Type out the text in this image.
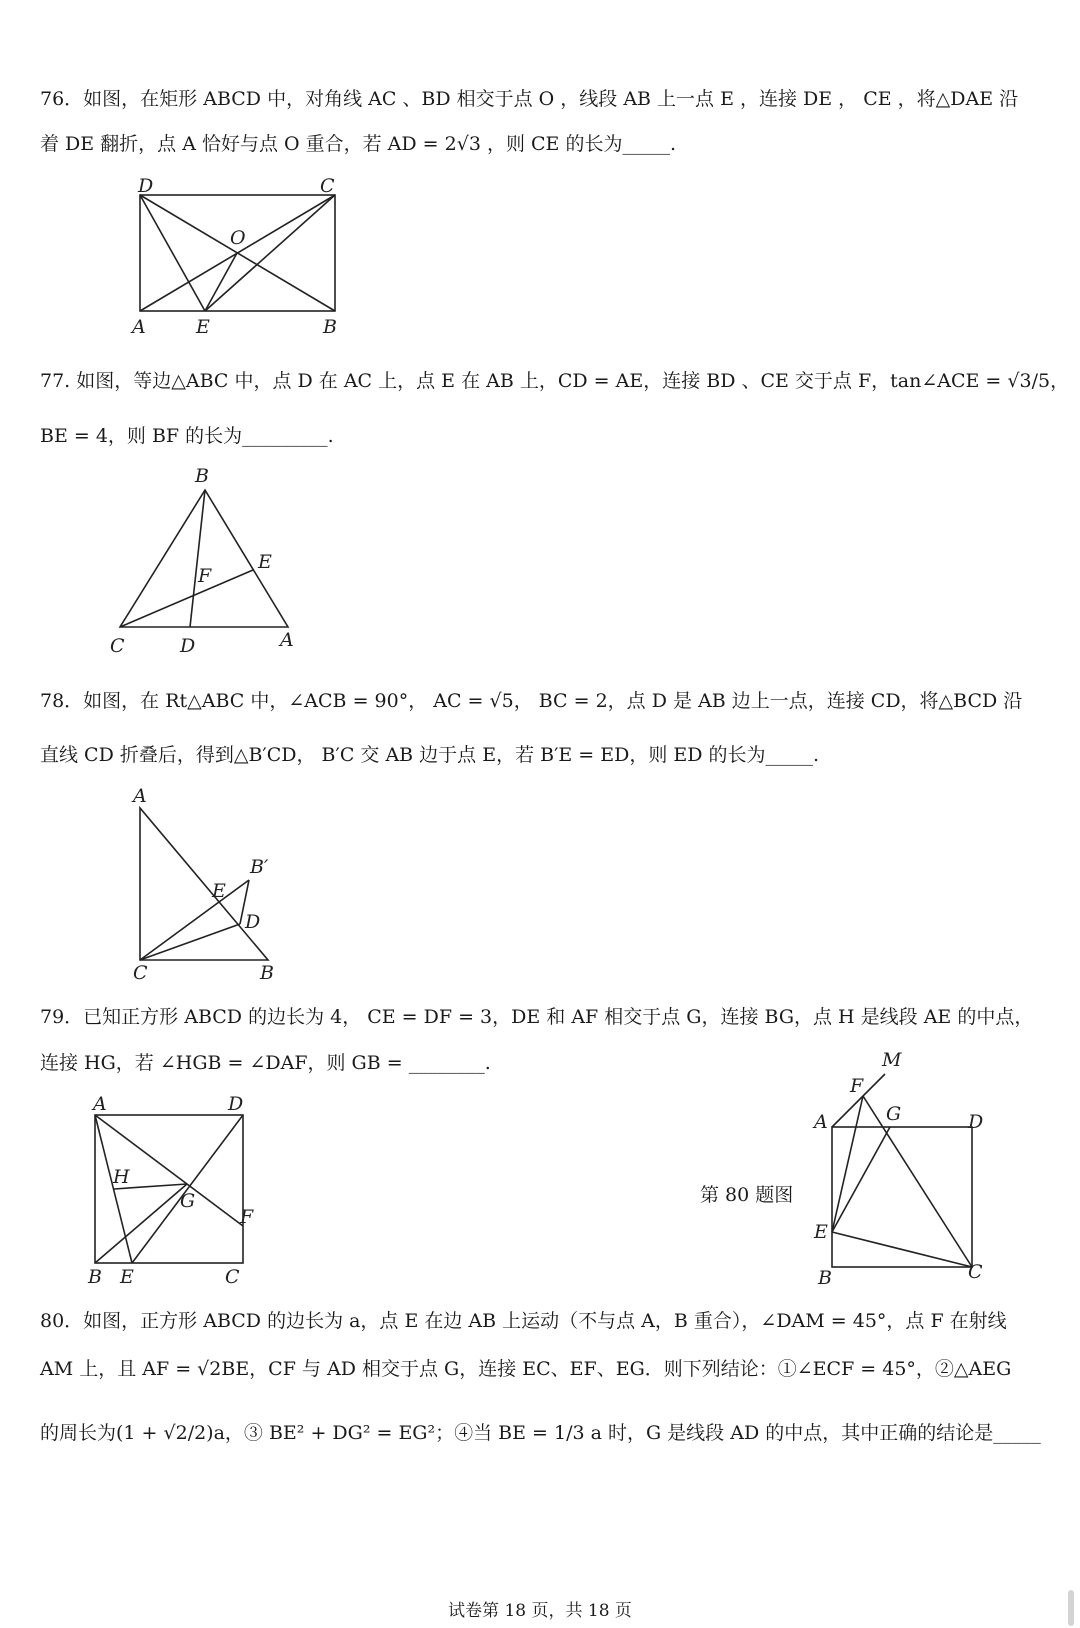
76．如图，在矩形 ABCD 中，对角线 AC 、BD 相交于点 O ，线段 AB 上一点 E ，连接 DE ， CE ，将△DAE 沿
着 DE 翻折，点 A 恰好与点 O 重合，若 AD = 2√3 ，则 CE 的长为_____.
D	C
O
A	E	B
77. 如图，等边△ABC 中，点 D 在 AC 上，点 E 在 AB 上，CD = AE，连接 BD 、CE 交于点 F，tan∠ACE = √3/5，
BE = 4，则 BF 的长为_________.
B
E
F
C	D	A
78．如图，在 Rt△ABC 中，∠ACB = 90°， AC = √5， BC = 2，点 D 是 AB 边上一点，连接 CD，将△BCD 沿
直线 CD 折叠后，得到△B′CD， B′C 交 AB 边于点 E，若 B′E = ED，则 ED 的长为_____.
A
B′
E
D
C	B
79．已知正方形 ABCD 的边长为 4， CE = DF = 3，DE 和 AF 相交于点 G，连接 BG，点 H 是线段 AE 的中点，
连接 HG，若 ∠HGB = ∠DAF，则 GB = ________.
A	D
H
G
F
B E	C
第 80 题图
M
F
A	G	D
E
B	C
80．如图，正方形 ABCD 的边长为 a，点 E 在边 AB 上运动（不与点 A，B 重合），∠DAM = 45°，点 F 在射线
AM 上，且 AF = √2BE，CF 与 AD 相交于点 G，连接 EC、EF、EG．则下列结论：①∠ECF = 45°，②△AEG
的周长为(1 + √2/2)a，③ BE² + DG² = EG²；④当 BE = 1/3 a 时，G 是线段 AD 的中点，其中正确的结论是_____
试卷第 18 页，共 18 页
